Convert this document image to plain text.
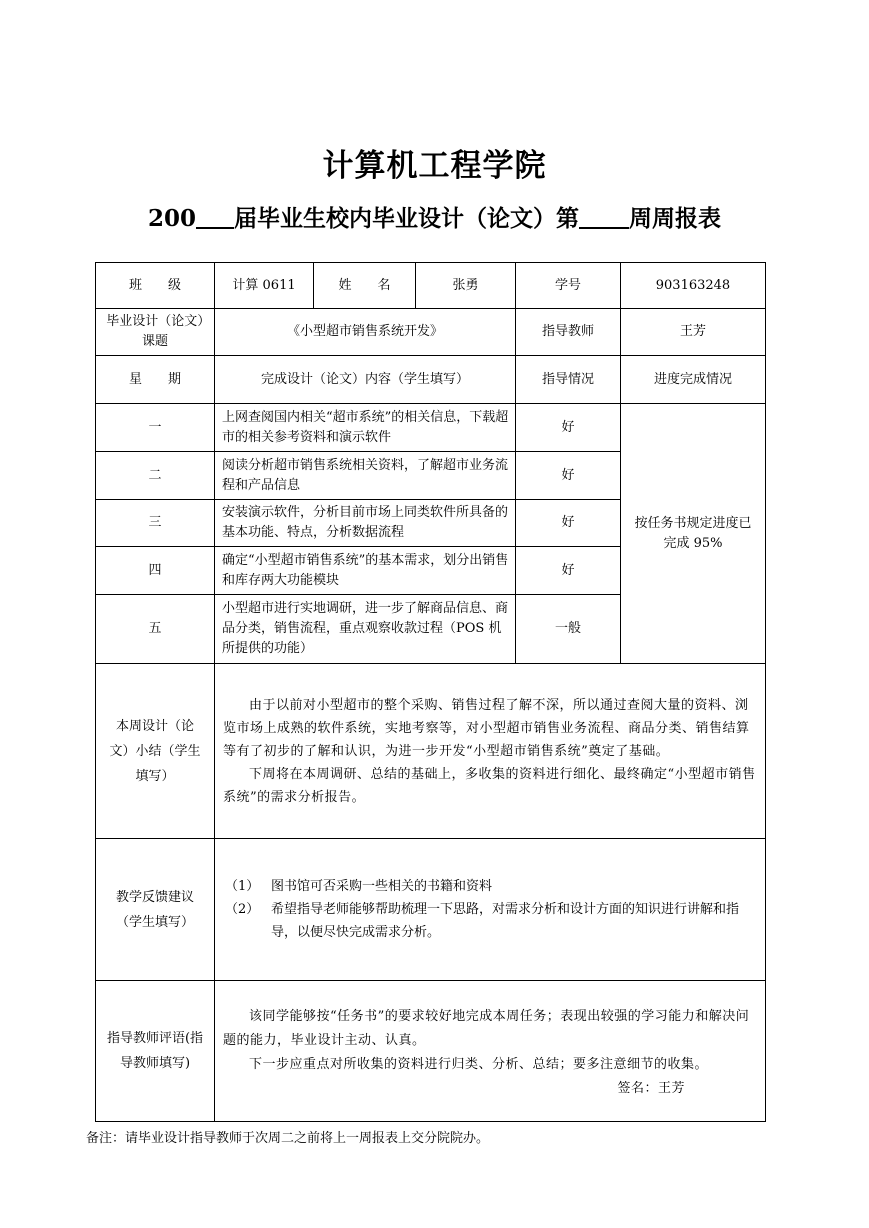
计算机工程学院
200 届毕业生校内毕业设计（论文）第 周周报表
班　　级	计算 0611	姓　　名	张勇	学号	903163248
毕业设计（论文）课题	《小型超市销售系统开发》			指导教师	王芳
星　　期	完成设计（论文）内容（学生填写）			指导情况	进度完成情况
一	上网查阅国内相关“超市系统”的相关信息，下载超市的相关参考资料和演示软件			好	按任务书规定进度已完成 95%
二	阅读分析超市销售系统相关资料，了解超市业务流程和产品信息			好	
三	安装演示软件，分析目前市场上同类软件所具备的基本功能、特点，分析数据流程			好	
四	确定“小型超市销售系统”的基本需求，划分出销售和库存两大功能模块			好	
五	小型超市进行实地调研，进一步了解商品信息、商品分类，销售流程，重点观察收款过程（POS 机所提供的功能）			一般	
本周设计（论文）小结（学生填写）	由于以前对小型超市的整个采购、销售过程了解不深，所以通过查阅大量的资料、浏览市场上成熟的软件系统，实地考察等，对小型超市销售业务流程、商品分类、销售结算等有了初步的了解和认识，为进一步开发“小型超市销售系统”奠定了基础。

下周将在本周调研、总结的基础上，多收集的资料进行细化、最终确定“小型超市销售系统”的需求分析报告。				

教学反馈建议（学生填写）	（1） 图书馆可否采购一些相关的书籍和资料
（2） 希望指导老师能够帮助梳理一下思路，对需求分析和设计方面的知识进行讲解和指导，以便尽快完成需求分析。				

指导教师评语(指导教师填写)	该同学能够按“任务书”的要求较好地完成本周任务；表现出较强的学习能力和解决问题的能力，毕业设计主动、认真。

下一步应重点对所收集的资料进行归类、分析、总结；要多注意细节的收集。

签名：王芳				

备注：请毕业设计指导教师于次周二之前将上一周报表上交分院院办。
